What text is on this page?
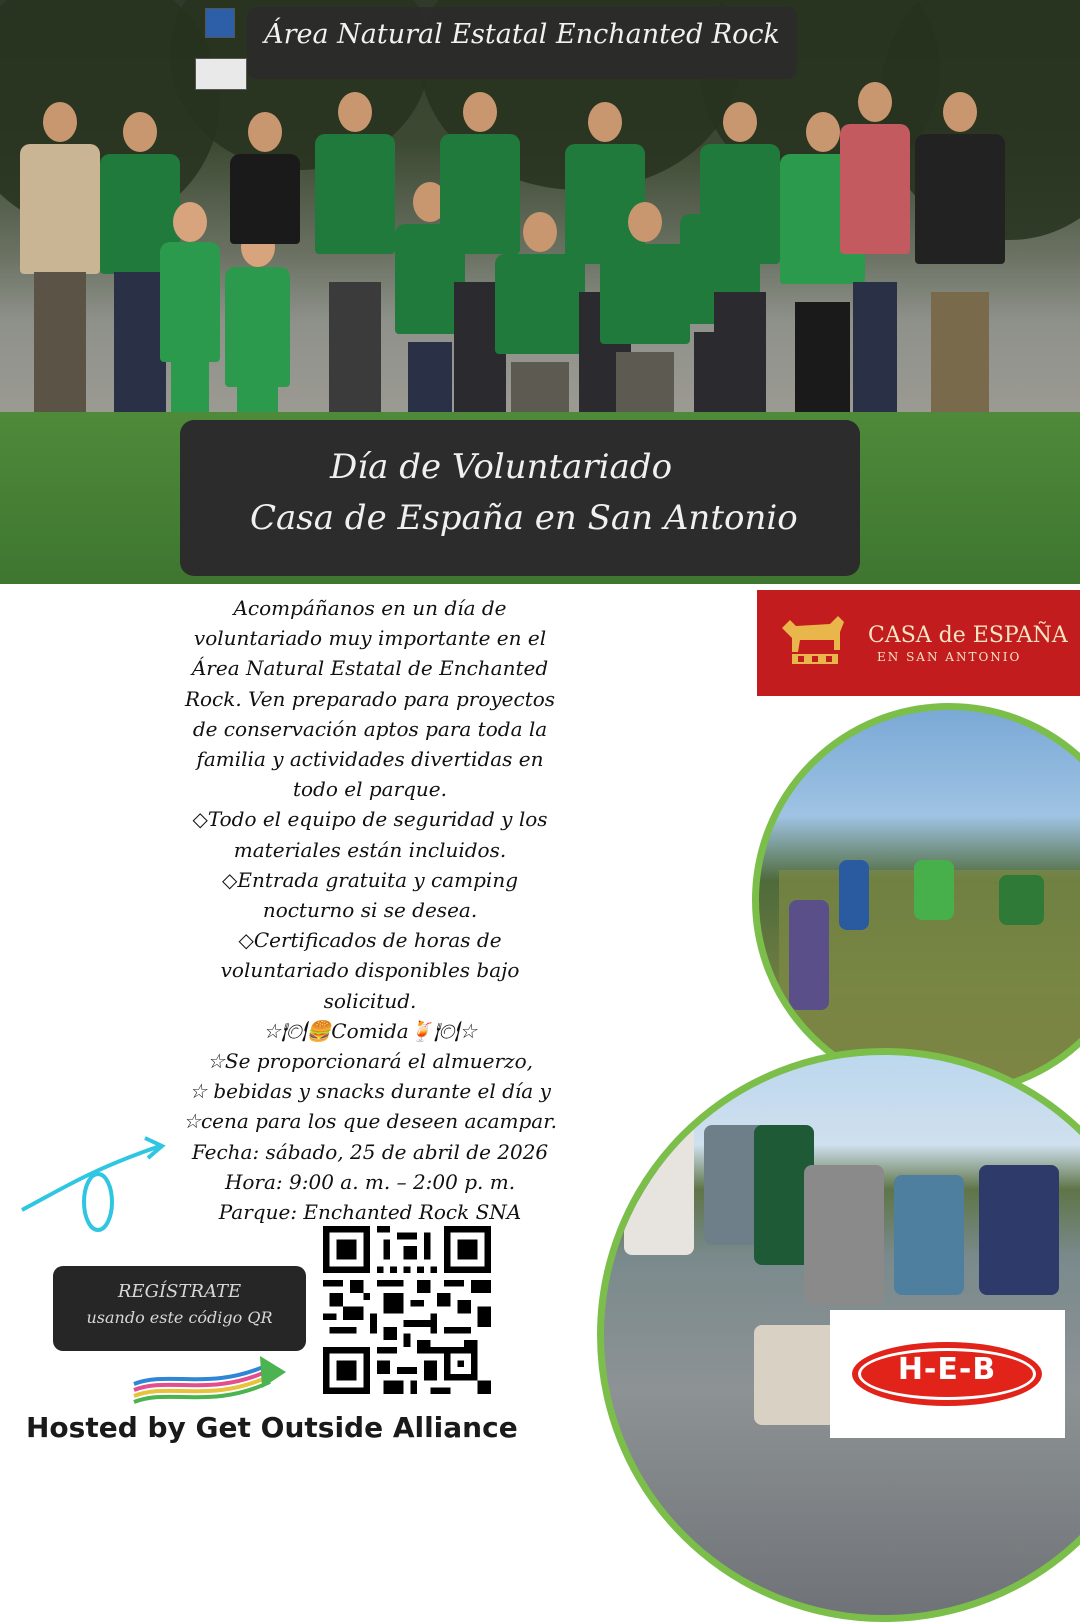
Área Natural Estatal Enchanted Rock
Día de Voluntariado
Casa de España en San Antonio
Acompáñanos en un día de
voluntariado muy importante en el
Área Natural Estatal de Enchanted
Rock. Ven preparado para proyectos
de conservación aptos para toda la
familia y actividades divertidas en
todo el parque.
◇Todo el equipo de seguridad y los
materiales están incluidos.
◇Entrada gratuita y camping
nocturno si se desea.
◇Certificados de horas de
voluntariado disponibles bajo
solicitud.
☆🍽🍔Comida🍹🍽☆
☆Se proporcionará el almuerzo,
☆ bebidas y snacks durante el día y
☆cena para los que deseen acampar.
Fecha: sábado, 25 de abril de 2026
Hora: 9:00 a. m. – 2:00 p. m.
Parque: Enchanted Rock SNA
CASA de ESPAÑA
EN SAN ANTONIO
H-E-B
REGÍSTRATE
usando este código QR
Hosted by Get Outside Alliance
